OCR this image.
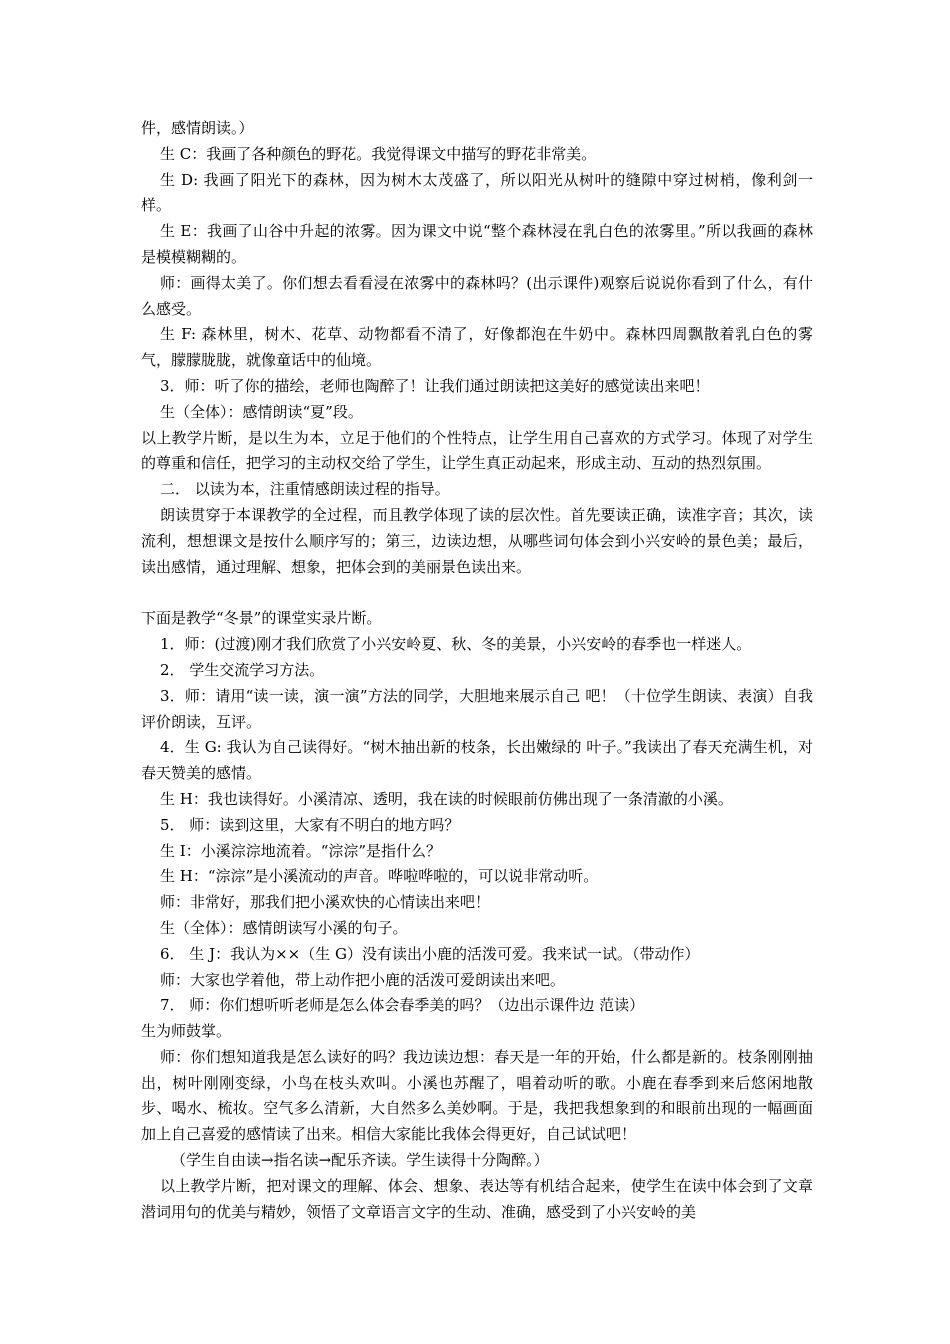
件，感情朗读。）

生 C：我画了各种颜色的野花。我觉得课文中描写的野花非常美。

生 D: 我画了阳光下的森林，因为树木太茂盛了，所以阳光从树叶的缝隙中穿过树梢，像利剑一样。

生 E：我画了山谷中升起的浓雾。因为课文中说“整个森林浸在乳白色的浓雾里。”所以我画的森林是模模糊糊的。

师：画得太美了。你们想去看看浸在浓雾中的森林吗？(出示课件)观察后说说你看到了什么，有什么感受。

生 F: 森林里，树木、花草、动物都看不清了，好像都泡在牛奶中。森林四周飘散着乳白色的雾气，朦朦胧胧，就像童话中的仙境。

3．师：听了你的描绘，老师也陶醉了！让我们通过朗读把这美好的感觉读出来吧！

生（全体）：感情朗读“夏”段。

以上教学片断，是以生为本，立足于他们的个性特点，让学生用自己喜欢的方式学习。体现了对学生的尊重和信任，把学习的主动权交给了学生，让学生真正动起来，形成主动、互动的热烈氛围。

二． 以读为本，注重情感朗读过程的指导。

朗读贯穿于本课教学的全过程，而且教学体现了读的层次性。首先要读正确，读准字音；其次，读流利，想想课文是按什么顺序写的；第三，边读边想，从哪些词句体会到小兴安岭的景色美；最后，读出感情，通过理解、想象，把体会到的美丽景色读出来。

下面是教学“冬景”的课堂实录片断。

1．师：(过渡)刚才我们欣赏了小兴安岭夏、秋、冬的美景，小兴安岭的春季也一样迷人。

2． 学生交流学习方法。

3．师：请用“读一读，演一演”方法的同学，大胆地来展示自己 吧！（十位学生朗读、表演）自我评价朗读，互评。

4．生 G: 我认为自己读得好。“树木抽出新的枝条，长出嫩绿的 叶子。”我读出了春天充满生机，对春天赞美的感情。

生 H：我也读得好。小溪清凉、透明，我在读的时候眼前仿佛出现了一条清澈的小溪。

5． 师：读到这里，大家有不明白的地方吗？

生 I：小溪淙淙地流着。“淙淙”是指什么？

生 H：“淙淙”是小溪流动的声音。哗啦哗啦的，可以说非常动听。

师：非常好，那我们把小溪欢快的心情读出来吧！

生（全体）：感情朗读写小溪的句子。

6． 生 J：我认为××（生 G）没有读出小鹿的活泼可爱。我来试一试。（带动作）

师：大家也学着他，带上动作把小鹿的活泼可爱朗读出来吧。

7． 师：你们想听听老师是怎么体会春季美的吗？（边出示课件边 范读）

生为师鼓掌。

师：你们想知道我是怎么读好的吗？我边读边想：春天是一年的开始，什么都是新的。枝条刚刚抽出，树叶刚刚变绿，小鸟在枝头欢叫。小溪也苏醒了，唱着动听的歌。小鹿在春季到来后悠闲地散步、喝水、梳妆。空气多么清新，大自然多么美妙啊。于是，我把我想象到的和眼前出现的一幅画面加上自己喜爱的感情读了出来。相信大家能比我体会得更好，自己试试吧！

（学生自由读→指名读→配乐齐读。学生读得十分陶醉。）

以上教学片断，把对课文的理解、体会、想象、表达等有机结合起来，使学生在读中体会到了文章潜词用句的优美与精妙，领悟了文章语言文字的生动、准确，感受到了小兴安岭的美
